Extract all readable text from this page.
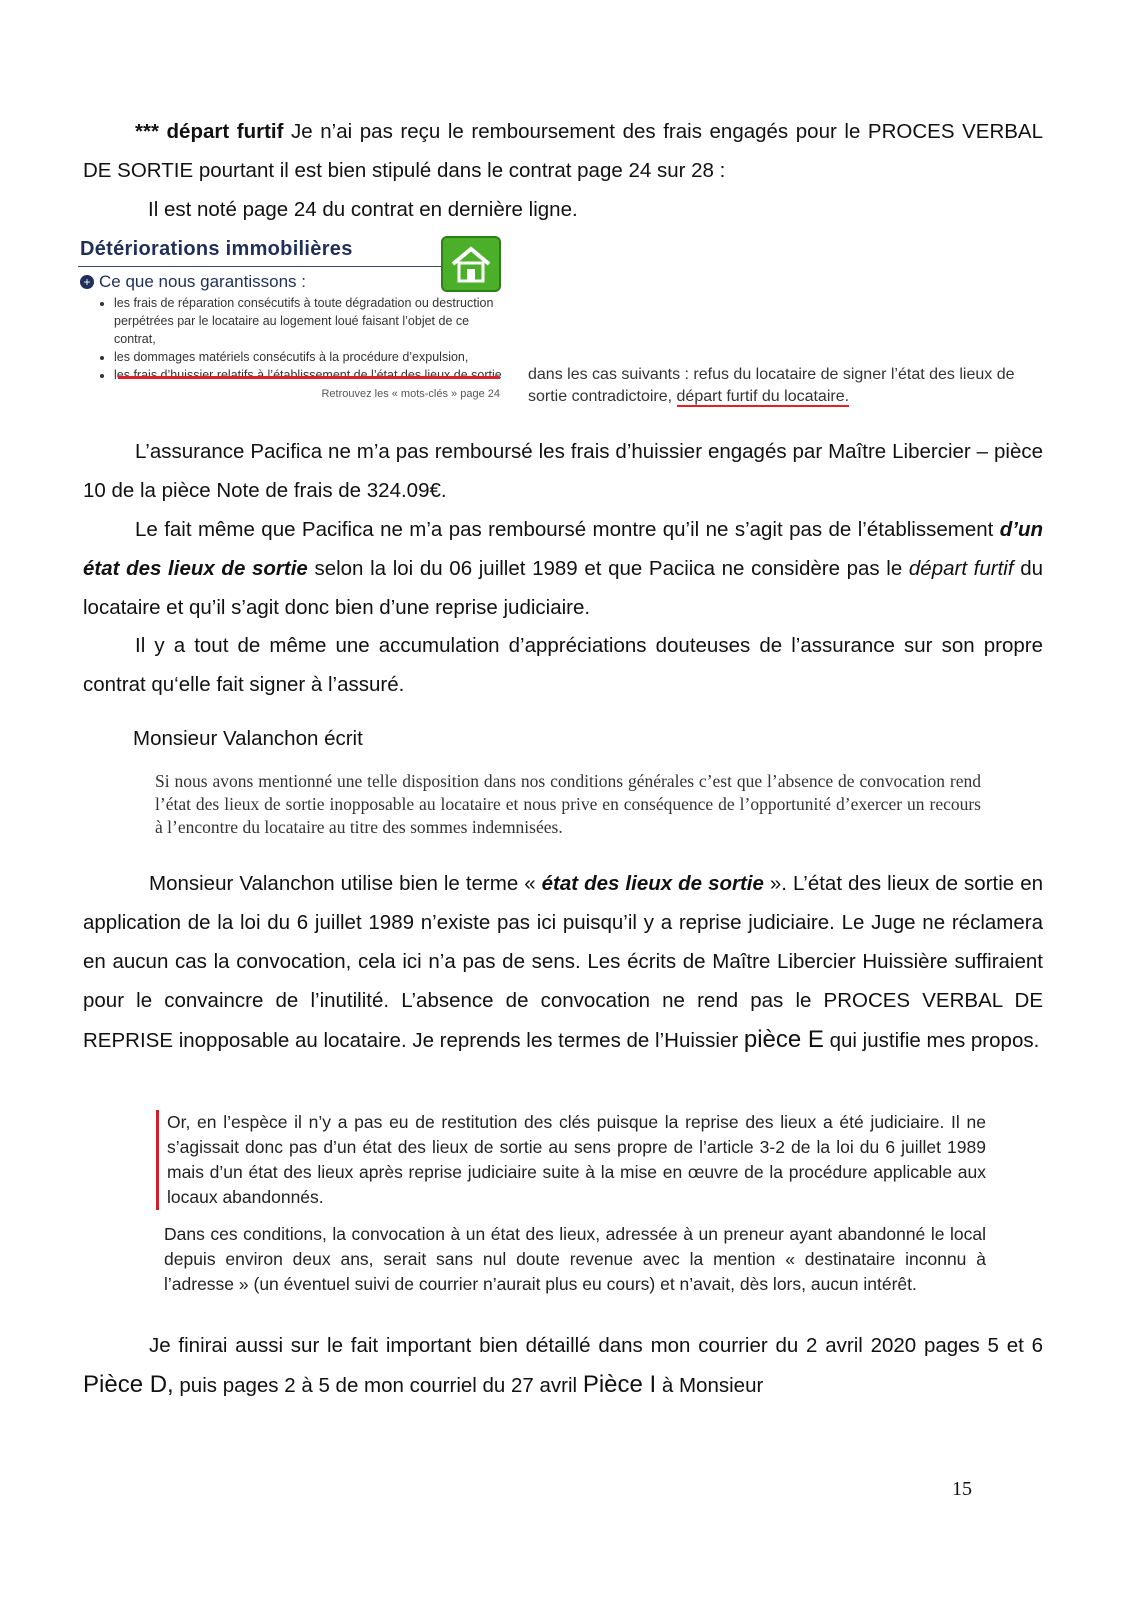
*** départ furtif Je n’ai pas reçu le remboursement des frais engagés pour le PROCES VERBAL DE SORTIE pourtant il est bien stipulé dans le contrat page 24 sur 28 :

Il est noté page 24 du contrat en dernière ligne.

Détériorations immobilières
+ Ce que nous garantissons :
• les frais de réparation consécutifs à toute dégradation ou destruction perpétrées par le locataire au logement loué faisant l’objet de ce contrat,
• les dommages matériels consécutifs à la procédure d’expulsion,
• les frais d’huissier relatifs à l’établissement de l’état des lieux de sortie
Retrouvez les « mots-clés » page 24

dans les cas suivants : refus du locataire de signer l’état des lieux de sortie contradictoire, départ furtif du locataire.

L’assurance Pacifica ne m’a pas remboursé les frais d’huissier engagés par Maître Libercier – pièce 10 de la pièce Note de frais de 324.09€.

Le fait même que Pacifica ne m’a pas remboursé montre qu’il ne s’agit pas de l’établissement d’un état des lieux de sortie selon la loi du 06 juillet 1989 et que Paciica ne considère pas le départ furtif du locataire et qu’il s’agit donc bien d’une reprise judiciaire.

Il y a tout de même une accumulation d’appréciations douteuses de l’assurance sur son propre contrat qu‘elle fait signer à l’assuré.

Monsieur Valanchon écrit

Si nous avons mentionné une telle disposition dans nos conditions générales c’est que l’absence de convocation rend l’état des lieux de sortie inopposable au locataire et nous prive en conséquence de l’opportunité d’exercer un recours à l’encontre du locataire au titre des sommes indemnisées.

Monsieur Valanchon utilise bien le terme « état des lieux de sortie ». L’état des lieux de sortie en application de la loi du 6 juillet 1989 n’existe pas ici puisqu’il y a reprise judiciaire. Le Juge ne réclamera en aucun cas la convocation, cela ici n’a pas de sens. Les écrits de Maître Libercier Huissière suffiraient pour le convaincre de l’inutilité. L’absence de convocation ne rend pas le PROCES VERBAL DE REPRISE inopposable au locataire. Je reprends les termes de l’Huissier pièce E qui justifie mes propos.

Or, en l’espèce il n’y a pas eu de restitution des clés puisque la reprise des lieux a été judiciaire. Il ne s’agissait donc pas d’un état des lieux de sortie au sens propre de l’article 3-2 de la loi du 6 juillet 1989 mais d’un état des lieux après reprise judiciaire suite à la mise en œuvre de la procédure applicable aux locaux abandonnés.

Dans ces conditions, la convocation à un état des lieux, adressée à un preneur ayant abandonné le local depuis environ deux ans, serait sans nul doute revenue avec la mention « destinataire inconnu à l’adresse » (un éventuel suivi de courrier n’aurait plus eu cours) et n’avait, dès lors, aucun intérêt.

Je finirai aussi sur le fait important bien détaillé dans mon courrier du 2 avril 2020 pages 5 et 6 Pièce D, puis pages 2 à 5 de mon courriel du 27 avril Pièce I à Monsieur

15
